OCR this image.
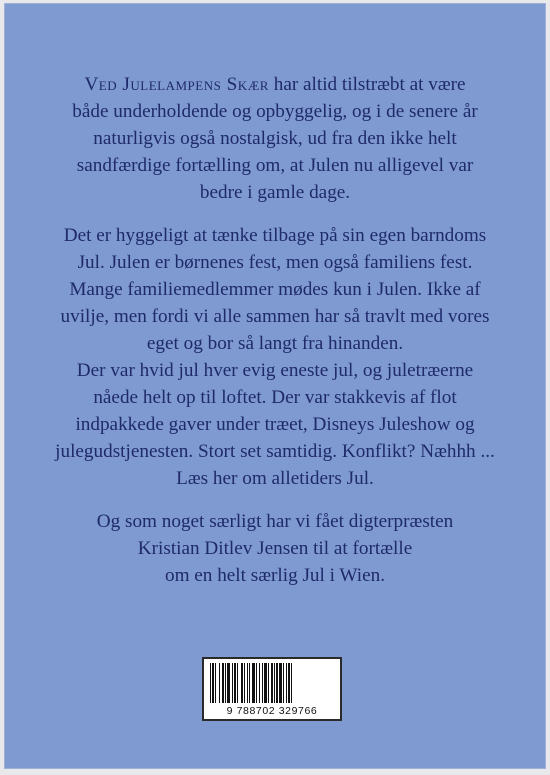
Ved Julelampens Skær har altid tilstræbt at være
både underholdende og opbyggelig, og i de senere år
naturligvis også nostalgisk, ud fra den ikke helt
sandfærdige fortælling om, at Julen nu alligevel var
bedre i gamle dage.
Det er hyggeligt at tænke tilbage på sin egen barndoms
Jul. Julen er børnenes fest, men også familiens fest.
Mange familiemedlemmer mødes kun i Julen. Ikke af
uvilje, men fordi vi alle sammen har så travlt med vores
eget og bor så langt fra hinanden.
Der var hvid jul hver evig eneste jul, og juletræerne
nåede helt op til loftet. Der var stakkevis af flot
indpakkede gaver under træet, Disneys Juleshow og
julegudstjenesten. Stort set samtidig. Konflikt? Næhhh ...
Læs her om alletiders Jul.
Og som noget særligt har vi fået digterpræsten
Kristian Ditlev Jensen til at fortælle
om en helt særlig Jul i Wien.
9 788702 329766
